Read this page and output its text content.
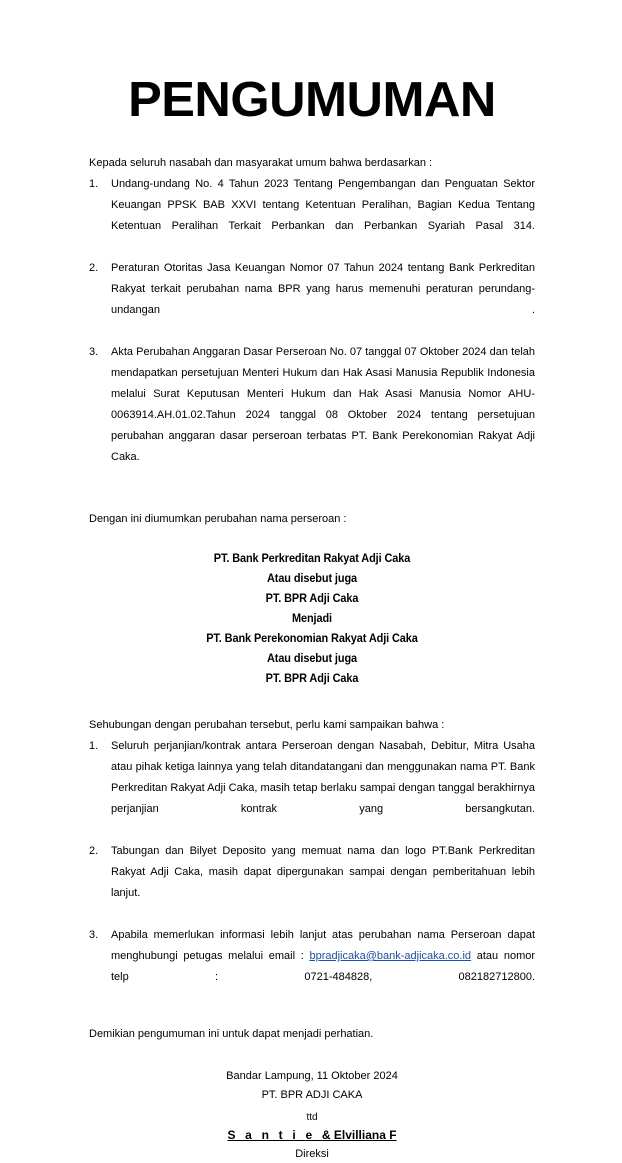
PENGUMUMAN

Kepada seluruh nasabah dan masyarakat umum bahwa berdasarkan :

1.	Undang-undang No. 4 Tahun 2023 Tentang Pengembangan dan Penguatan Sektor Keuangan PPSK BAB XXVI tentang Ketentuan Peralihan, Bagian Kedua Tentang Ketentuan Peralihan Terkait Perbankan dan Perbankan Syariah Pasal 314.
2.	Peraturan Otoritas Jasa Keuangan Nomor 07 Tahun 2024 tentang Bank Perkreditan Rakyat terkait perubahan nama BPR yang harus memenuhi peraturan perundang-undangan .
3.	Akta Perubahan Anggaran Dasar Perseroan No. 07 tanggal 07 Oktober 2024 dan telah mendapatkan persetujuan Menteri Hukum dan Hak Asasi Manusia Republik Indonesia melalui Surat Keputusan Menteri Hukum dan Hak Asasi Manusia Nomor AHU-0063914.AH.01.02.Tahun 2024 tanggal 08 Oktober 2024 tentang persetujuan perubahan anggaran dasar perseroan terbatas PT. Bank Perekonomian Rakyat Adji Caka.

Dengan ini diumumkan perubahan nama perseroan :

PT. Bank Perkreditan Rakyat Adji Caka
Atau disebut juga
PT. BPR Adji Caka
Menjadi
PT. Bank Perekonomian Rakyat Adji Caka
Atau disebut juga
PT. BPR Adji Caka

Sehubungan dengan perubahan tersebut, perlu kami sampaikan bahwa :

1.	Seluruh perjanjian/kontrak antara Perseroan dengan Nasabah, Debitur, Mitra Usaha atau pihak ketiga lainnya yang telah ditandatangani dan menggunakan nama PT. Bank Perkreditan Rakyat Adji Caka, masih tetap berlaku sampai dengan tanggal berakhirnya perjanjian kontrak yang bersangkutan.
2.	Tabungan dan Bilyet Deposito yang memuat nama dan logo PT.Bank Perkreditan Rakyat Adji Caka, masih dapat dipergunakan sampai dengan pemberitahuan lebih lanjut.
3.	Apabila memerlukan informasi lebih lanjut atas perubahan nama Perseroan dapat menghubungi petugas melalui email : bpradjicaka@bank-adjicaka.co.id atau nomor telp : 0721-484828, 082182712800.

Demikian pengumuman ini untuk dapat menjadi perhatian.

Bandar Lampung, 11 Oktober 2024
PT. BPR ADJI CAKA
ttd
S a n t i e & Elvilliana F
Direksi
